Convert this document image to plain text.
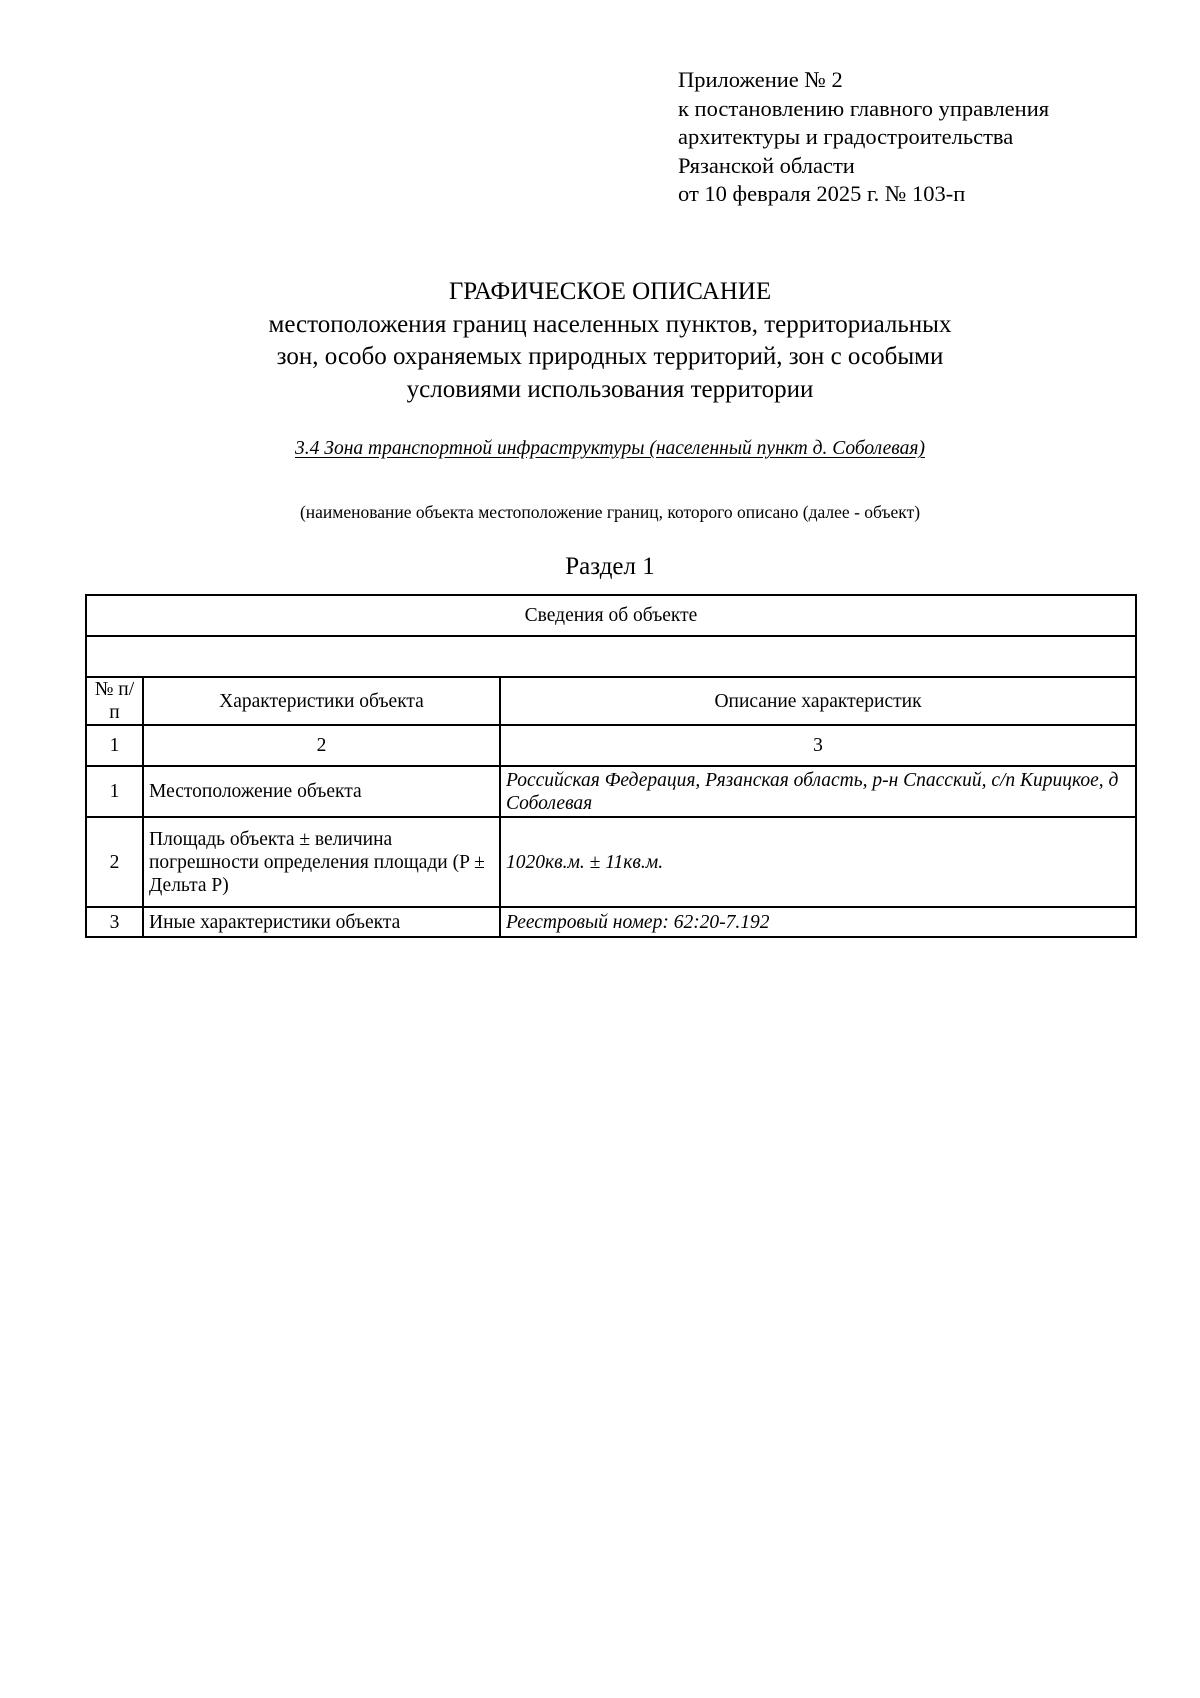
Приложение № 2
к постановлению главного управления
архитектуры и градостроительства
Рязанской области
от 10 февраля 2025 г. № 103-п
ГРАФИЧЕСКОЕ ОПИСАНИЕ
местоположения границ населенных пунктов, территориальных
зон, особо охраняемых природных территорий, зон с особыми
условиями использования территории
3.4 Зона транспортной инфраструктуры (населенный пункт д. Соболевая)
(наименование объекта местоположение границ, которого описано (далее - объект)
Раздел 1
Сведения об объекте		

№ п/п	Характеристики объекта	Описание характеристик
1	2	3
1	Местоположение объекта	Российская Федерация, Рязанская область, р-н Спасский, с/п Кирицкое, д Соболевая
2	Площадь объекта ± величина погрешности определения площади (P ± Дельта P)	1020кв.м. ± 11кв.м.
3	Иные характеристики объекта	Реестровый номер: 62:20-7.192
